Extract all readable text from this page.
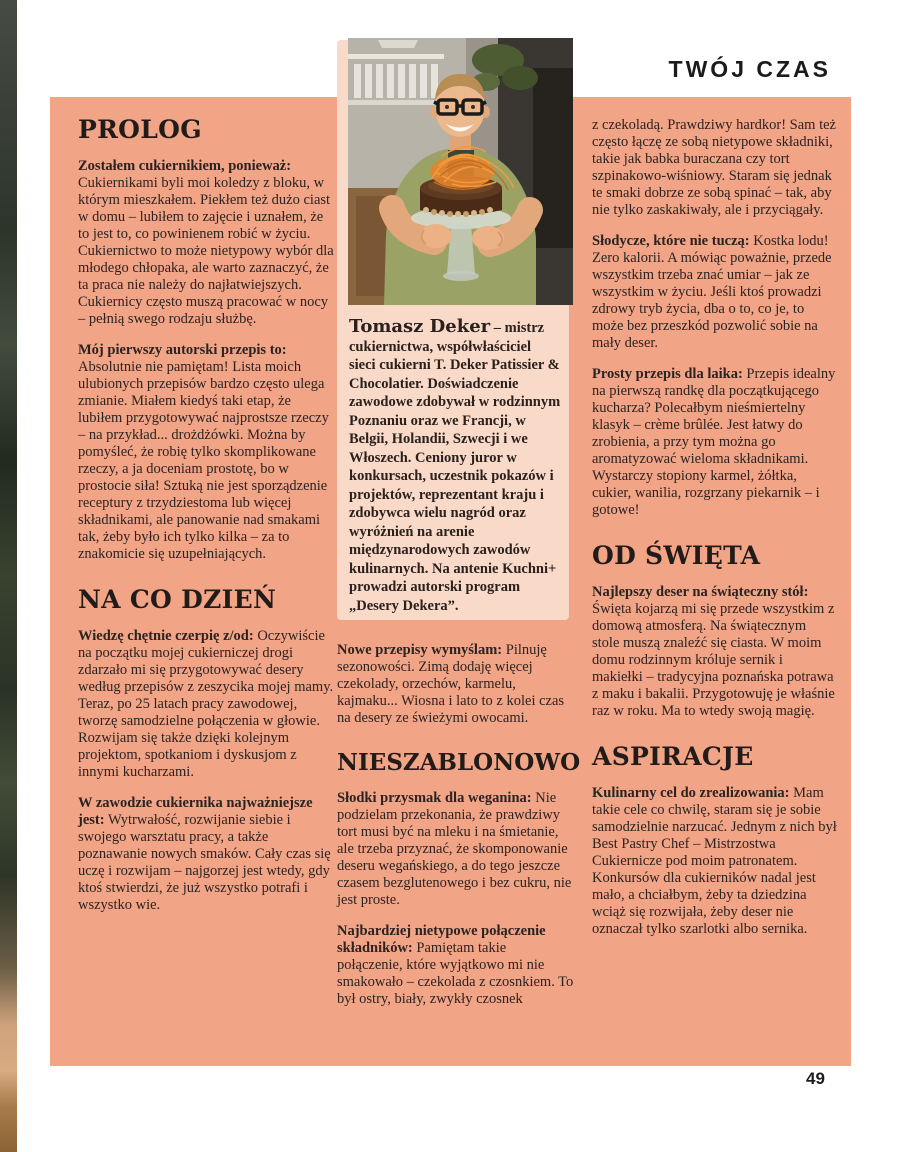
TWÓJ CZAS
Tomasz Deker – mistrz cukiernictwa, współwłaściciel sieci cukierni T. Deker Patissier & Chocolatier. Doświadczenie zawodowe zdobywał w rodzinnym Poznaniu oraz we Francji, w Belgii, Holandii, Szwecji i we Włoszech. Ceniony juror w konkursach, uczestnik pokazów i projektów, reprezentant kraju i zdobywca wielu nagród oraz wyróżnień na arenie międzynarodowych zawodów kulinarnych. Na antenie Kuchni+ prowadzi autorski program „Desery Dekera”.
PROLOG

Zostałem cukiernikiem, ponieważ: Cukiernikami byli moi koledzy z bloku, w którym mieszkałem. Piekłem też dużo ciast w domu – lubiłem to zajęcie i uznałem, że to jest to, co powinienem robić w życiu. Cukiernictwo to może nietypowy wybór dla młodego chłopaka, ale warto zaznaczyć, że ta praca nie należy do najłatwiejszych. Cukiernicy często muszą pracować w nocy – pełnią swego rodzaju służbę.

Mój pierwszy autorski przepis to: Absolutnie nie pamiętam! Lista moich ulubionych przepisów bardzo często ulega zmianie. Miałem kiedyś taki etap, że lubiłem przygotowywać najprostsze rzeczy – na przykład... drożdżówki. Można by pomyśleć, że robię tylko skomplikowane rzeczy, a ja doceniam prostotę, bo w prostocie siła! Sztuką nie jest sporządzenie receptury z trzydziestoma lub więcej składnikami, ale panowanie nad smakami tak, żeby było ich tylko kilka – za to znakomicie się uzupełniających.

NA CO DZIEŃ

Wiedzę chętnie czerpię z/od: Oczywiście na początku mojej cukierniczej drogi zdarzało mi się przygotowywać desery według przepisów z zeszycika mojej mamy. Teraz, po 25 latach pracy zawodowej, tworzę samodzielne połączenia w głowie. Rozwijam się także dzięki kolejnym projektom, spotkaniom i dyskusjom z innymi kucharzami.

W zawodzie cukiernika najważniejsze jest: Wytrwałość, rozwijanie siebie i swojego warsztatu pracy, a także poznawanie nowych smaków. Cały czas się uczę i rozwijam – najgorzej jest wtedy, gdy ktoś stwierdzi, że już wszystko potrafi i wszystko wie.

Nowe przepisy wymyślam: Pilnuję sezonowości. Zimą dodaję więcej czekolady, orzechów, karmelu, kajmaku... Wiosna i lato to z kolei czas na desery ze świeżymi owocami.

NIESZABLONOWO

Słodki przysmak dla weganina: Nie podzielam przekonania, że prawdziwy tort musi być na mleku i na śmietanie, ale trzeba przyznać, że skomponowanie deseru wegańskiego, a do tego jeszcze czasem bezglutenowego i bez cukru, nie jest proste.

Najbardziej nietypowe połączenie składników: Pamiętam takie połączenie, które wyjątkowo mi nie smakowało – czekolada z czosnkiem. To był ostry, biały, zwykły czosnek

z czekoladą. Prawdziwy hardkor! Sam też często łączę ze sobą nietypowe składniki, takie jak babka buraczana czy tort szpinakowo-wiśniowy. Staram się jednak te smaki dobrze ze sobą spinać – tak, aby nie tylko zaskakiwały, ale i przyciągały.

Słodycze, które nie tuczą: Kostka lodu! Zero kalorii. A mówiąc poważnie, przede wszystkim trzeba znać umiar – jak ze wszystkim w życiu. Jeśli ktoś prowadzi zdrowy tryb życia, dba o to, co je, to może bez przeszkód pozwolić sobie na mały deser.

Prosty przepis dla laika: Przepis idealny na pierwszą randkę dla początkującego kucharza? Polecałbym nieśmiertelny klasyk – crème brûlée. Jest łatwy do zrobienia, a przy tym można go aromatyzować wieloma składnikami. Wystarczy stopiony karmel, żółtka, cukier, wanilia, rozgrzany piekarnik – i gotowe!

OD ŚWIĘTA

Najlepszy deser na świąteczny stół: Święta kojarzą mi się przede wszystkim z domową atmosferą. Na świątecznym stole muszą znaleźć się ciasta. W moim domu rodzinnym króluje sernik i makiełki – tradycyjna poznańska potrawa z maku i bakalii. Przygotowuję je właśnie raz w roku. Ma to wtedy swoją magię.

ASPIRACJE

Kulinarny cel do zrealizowania: Mam takie cele co chwilę, staram się je sobie samodzielnie narzucać. Jednym z nich był Best Pastry Chef – Mistrzostwa Cukiernicze pod moim patronatem. Konkursów dla cukierników nadal jest mało, a chciałbym, żeby ta dziedzina wciąż się rozwijała, żeby deser nie oznaczał tylko szarlotki albo sernika.

49
